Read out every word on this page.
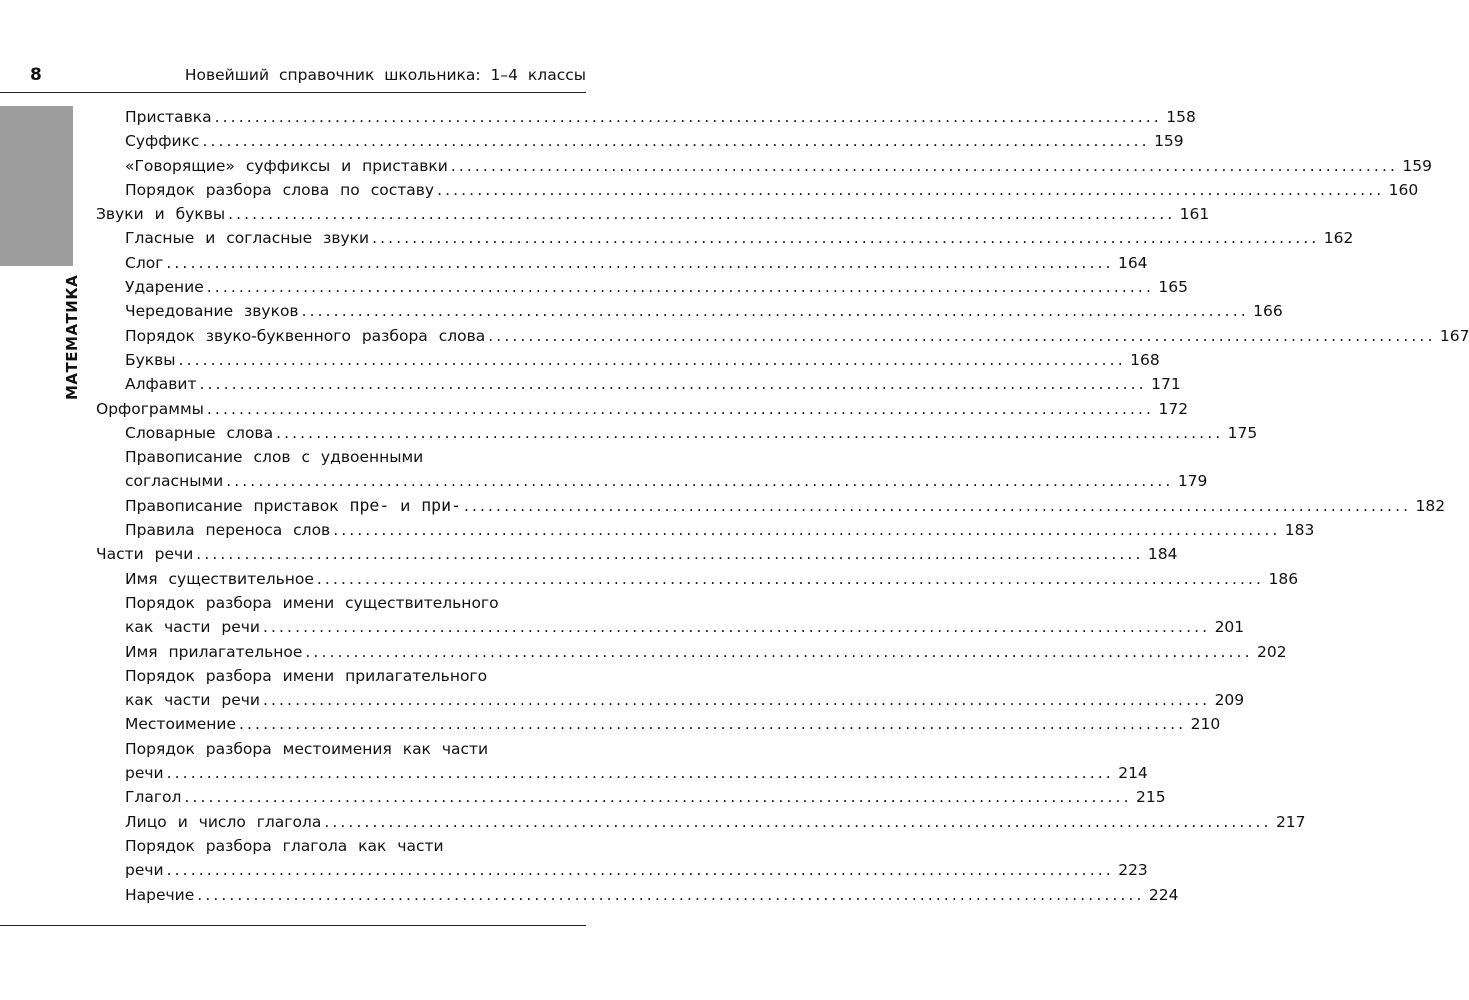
8	Новейший справочник школьника: 1–4 классы
МАТЕМАТИКА
Приставка ...................................................................................................................... 158
Суффикс ...................................................................................................................... 159
«Говорящие» суффиксы и приставки ...................................................................................................................... 159
Порядок разбора слова по составу ...................................................................................................................... 160
Звуки и буквы ...................................................................................................................... 161
Гласные и согласные звуки ...................................................................................................................... 162
Слог ...................................................................................................................... 164
Ударение ...................................................................................................................... 165
Чередование звуков ...................................................................................................................... 166
Порядок звуко-буквенного разбора слова ...................................................................................................................... 167
Буквы ...................................................................................................................... 168
Алфавит ...................................................................................................................... 171
Орфограммы ...................................................................................................................... 172
Словарные слова ...................................................................................................................... 175
Правописание слов с удвоенными
согласными ...................................................................................................................... 179
Правописание приставок пре- и при- ...................................................................................................................... 182
Правила переноса слов ...................................................................................................................... 183
Части речи ...................................................................................................................... 184
Имя существительное ...................................................................................................................... 186
Порядок разбора имени существительного
как части речи ...................................................................................................................... 201
Имя прилагательное ...................................................................................................................... 202
Порядок разбора имени прилагательного
как части речи ...................................................................................................................... 209
Местоимение ...................................................................................................................... 210
Порядок разбора местоимения как части
речи ...................................................................................................................... 214
Глагол ...................................................................................................................... 215
Лицо и число глагола ...................................................................................................................... 217
Порядок разбора глагола как части
речи ...................................................................................................................... 223
Наречие ...................................................................................................................... 224
